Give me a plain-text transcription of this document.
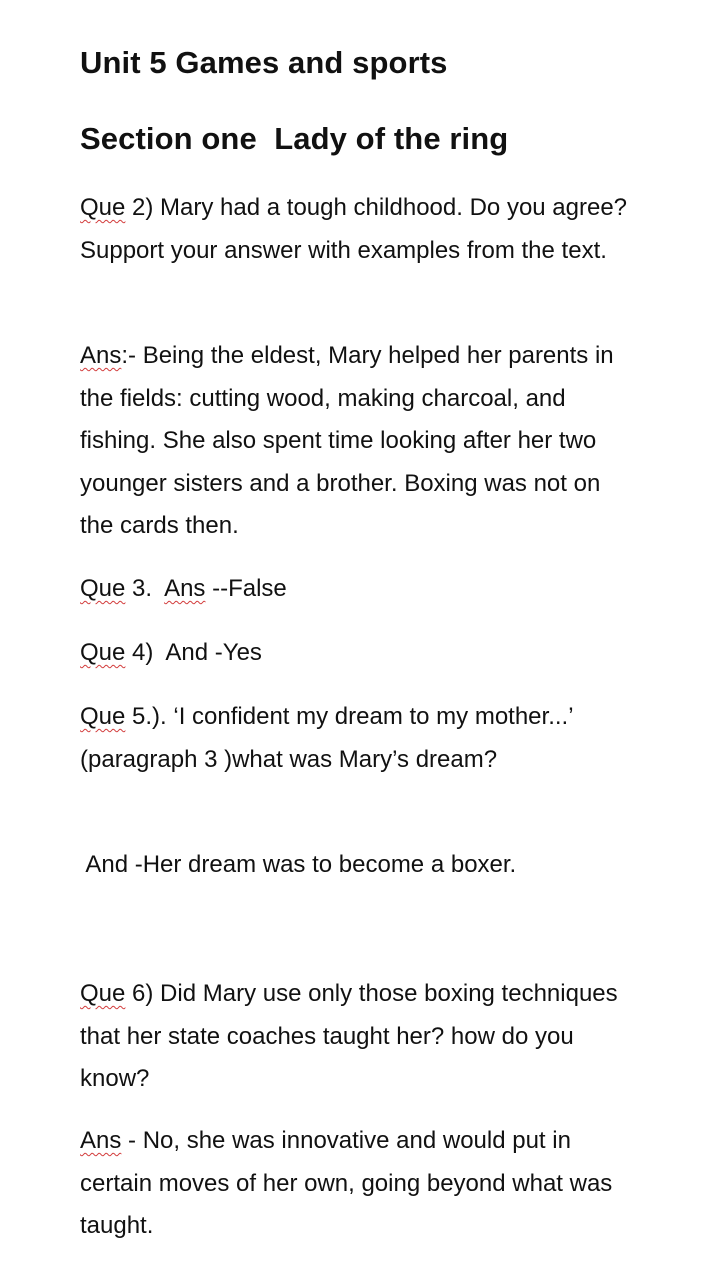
Unit 5 Games and sports
Section one  Lady of the ring

Que 2) Mary had a tough childhood. Do you agree? Support your answer with examples from the text.

Ans:- Being the eldest, Mary helped her parents in the fields: cutting wood, making charcoal, and fishing. She also spent time looking after her two younger sisters and a brother. Boxing was not on the cards then.

Que 3.  Ans --False

Que 4)  And -Yes

Que 5.). ‘I confident my dream to my mother...’ (paragraph 3 )what was Mary’s dream?

And -Her dream was to become a boxer.

Que 6) Did Mary use only those boxing techniques that her state coaches taught her? how do you know?

Ans - No, she was innovative and would put in certain moves of her own, going beyond what was taught.
